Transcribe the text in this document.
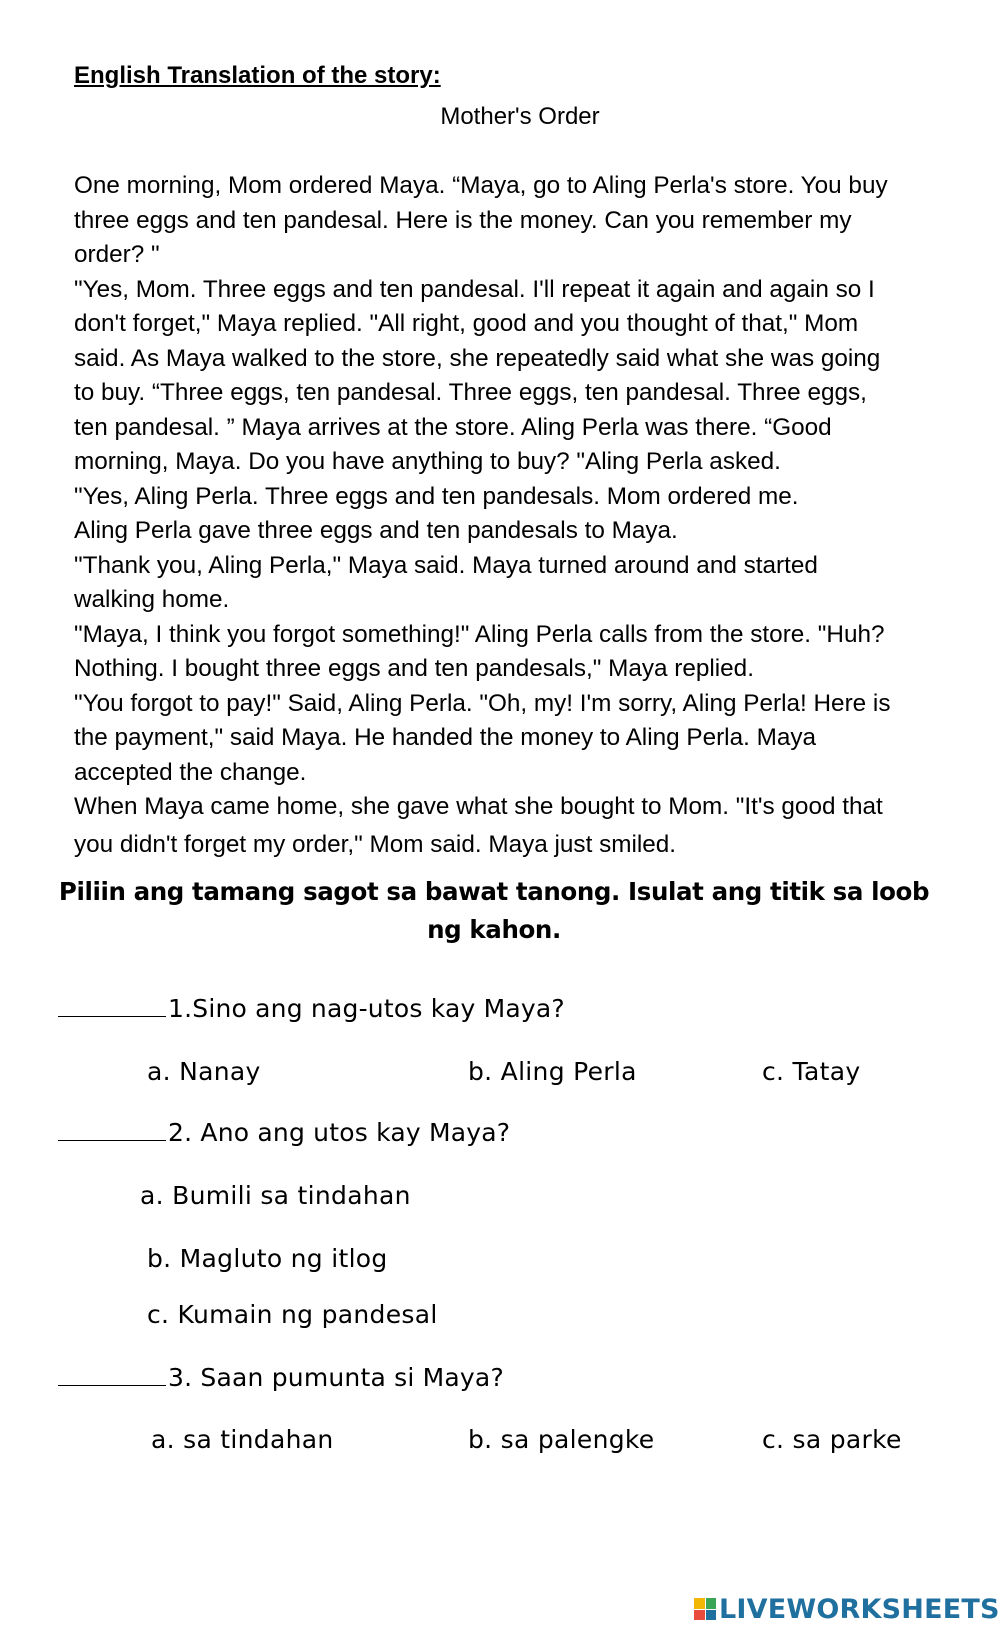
English Translation of the story:
Mother's Order
One morning, Mom ordered Maya. “Maya, go to Aling Perla's store. You buy
three eggs and ten pandesal. Here is the money. Can you remember my
order? "
"Yes, Mom. Three eggs and ten pandesal. I'll repeat it again and again so I
don't forget," Maya replied. "All right, good and you thought of that," Mom
said. As Maya walked to the store, she repeatedly said what she was going
to buy. “Three eggs, ten pandesal. Three eggs, ten pandesal. Three eggs,
ten pandesal. ” Maya arrives at the store. Aling Perla was there. “Good
morning, Maya. Do you have anything to buy? "Aling Perla asked.
"Yes, Aling Perla. Three eggs and ten pandesals. Mom ordered me.
Aling Perla gave three eggs and ten pandesals to Maya.
"Thank you, Aling Perla," Maya said. Maya turned around and started
walking home.
"Maya, I think you forgot something!" Aling Perla calls from the store. "Huh?
Nothing. I bought three eggs and ten pandesals," Maya replied.
"You forgot to pay!" Said, Aling Perla. "Oh, my! I'm sorry, Aling Perla! Here is
the payment," said Maya. He handed the money to Aling Perla. Maya
accepted the change.
When Maya came home, she gave what she bought to Mom. "It's good that
you didn't forget my order," Mom said. Maya just smiled.
Piliin ang tamang sagot sa bawat tanong. Isulat ang titik sa loob
ng kahon.
1.Sino ang nag-utos kay Maya?
a. Nanay	b. Aling Perla	c. Tatay
2. Ano ang utos kay Maya?
a. Bumili sa tindahan
b. Magluto ng itlog
c. Kumain ng pandesal
3. Saan pumunta si Maya?
a. sa tindahan	b. sa palengke	c. sa parke
LIVEWORKSHEETS
